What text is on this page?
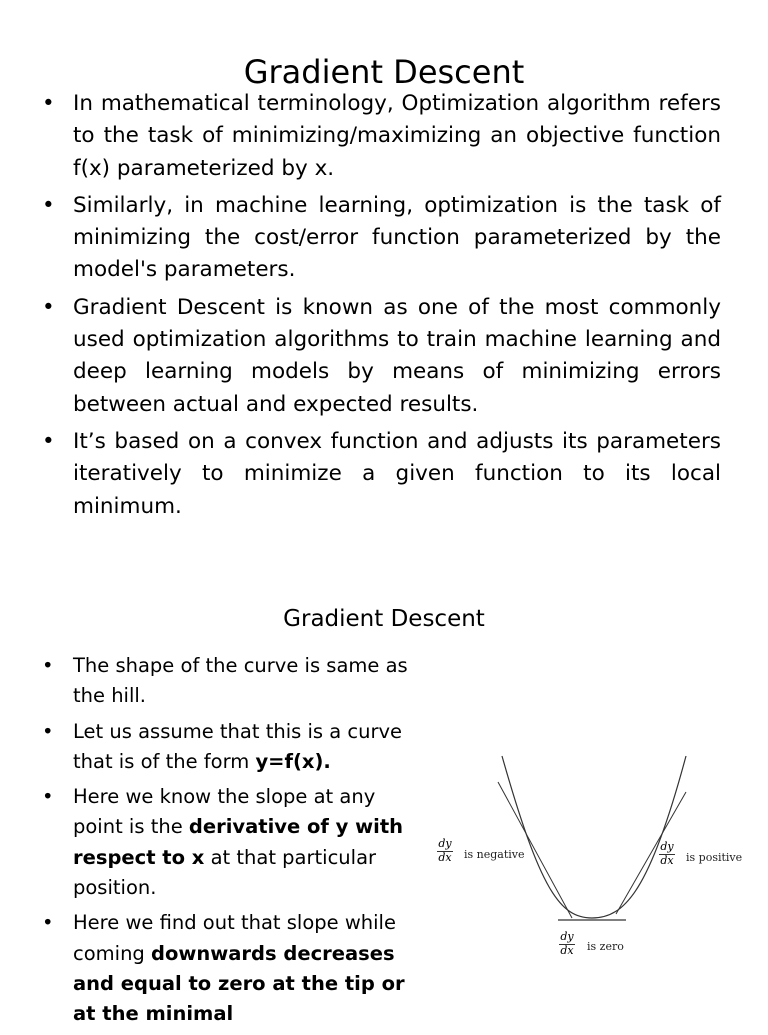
Gradient Descent
• In mathematical terminology, Optimization algorithm refers to the task of minimizing/maximizing an objective function f(x) parameterized by x.
• Similarly, in machine learning, optimization is the task of minimizing the cost/error function parameterized by the model's parameters.
• Gradient Descent is known as one of the most commonly used optimization algorithms to train machine learning and deep learning models by means of minimizing errors between actual and expected results.
• It’s based on a convex function and adjusts its parameters iteratively to minimize a given function to its local minimum.
Gradient Descent
• The shape of the curve is same as the hill.
• Let us assume that this is a curve that is of the form y=f(x).
• Here we know the slope at any point is the derivative of y with respect to x at that particular position.
• Here we find out that slope while coming downwards decreases and equal to zero at the tip or at the minimal
$\frac{dy}{dx}$ is negative	$\frac{dy}{dx}$ is positive
$\frac{dy}{dx}$ is zero
